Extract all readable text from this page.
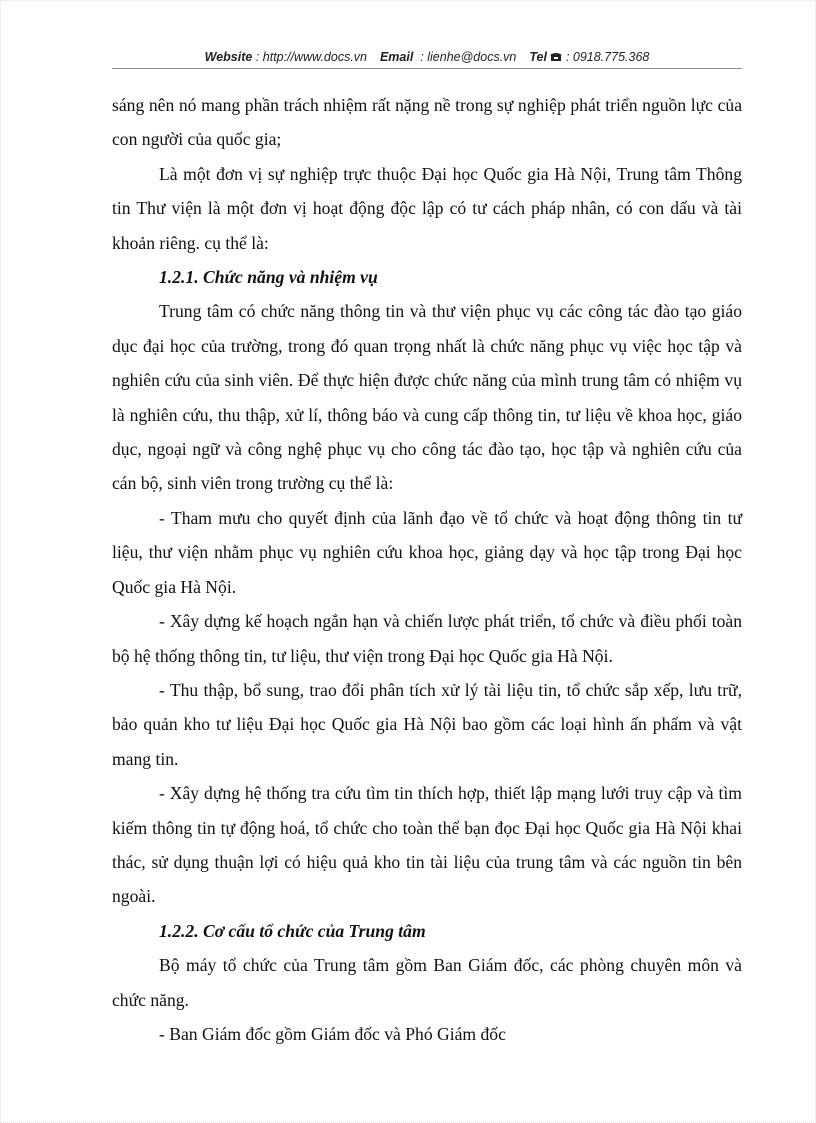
Website : http://www.docs.vn Email  : lienhe@docs.vn Tel : 0918.775.368

sáng nên nó mang phần trách nhiệm rất nặng nề trong sự nghiệp phát triển nguồn lực của con người của quốc gia;

Là một đơn vị sự nghiệp trực thuộc Đại học Quốc gia Hà Nội, Trung tâm Thông tin Thư viện là một đơn vị hoạt động độc lập có tư cách pháp nhân, có con dấu và tài khoản riêng. cụ thể là:

1.2.1. Chức năng và nhiệm vụ

Trung tâm có chức năng thông tin và thư viện phục vụ các công tác đào tạo giáo dục đại học của trường, trong đó quan trọng nhất là chức năng phục vụ việc học tập và nghiên cứu của sinh viên. Để thực hiện được chức năng của mình trung tâm có nhiệm vụ là nghiên cứu, thu thập, xử lí, thông báo và cung cấp thông tin, tư liệu về khoa học, giáo dục, ngoại ngữ và công nghệ phục vụ cho công tác đào tạo, học tập và nghiên cứu của cán bộ, sinh viên trong trường cụ thể là:

- Tham mưu cho quyết định của lãnh đạo về tổ chức và hoạt động thông tin tư liệu, thư viện nhằm phục vụ nghiên cứu khoa học, giảng dạy và học tập trong Đại học Quốc gia Hà Nội.

- Xây dựng kế hoạch ngắn hạn và chiến lược phát triển, tổ chức và điều phối toàn bộ hệ thống thông tin, tư liệu, thư viện trong Đại học Quốc gia Hà Nội.

- Thu thập, bổ sung, trao đổi phân tích xử lý tài liệu tin, tổ chức sắp xếp, lưu trữ, bảo quản kho tư liệu Đại học Quốc gia Hà Nội bao gồm các loại hình ấn phẩm và vật mang tin.

- Xây dựng hệ thống tra cứu tìm tin thích hợp, thiết lập mạng lưới truy cập và tìm kiếm thông tin tự động hoá, tổ chức cho toàn thể bạn đọc Đại học Quốc gia Hà Nội khai thác, sử dụng thuận lợi có hiệu quả kho tin tài liệu của trung tâm và các nguồn tin bên ngoài.

1.2.2. Cơ cấu tổ chức của Trung tâm

Bộ máy tổ chức của Trung tâm gồm Ban Giám đốc, các phòng chuyên môn và chức năng.

- Ban Giám đốc gồm Giám đốc và Phó Giám đốc
